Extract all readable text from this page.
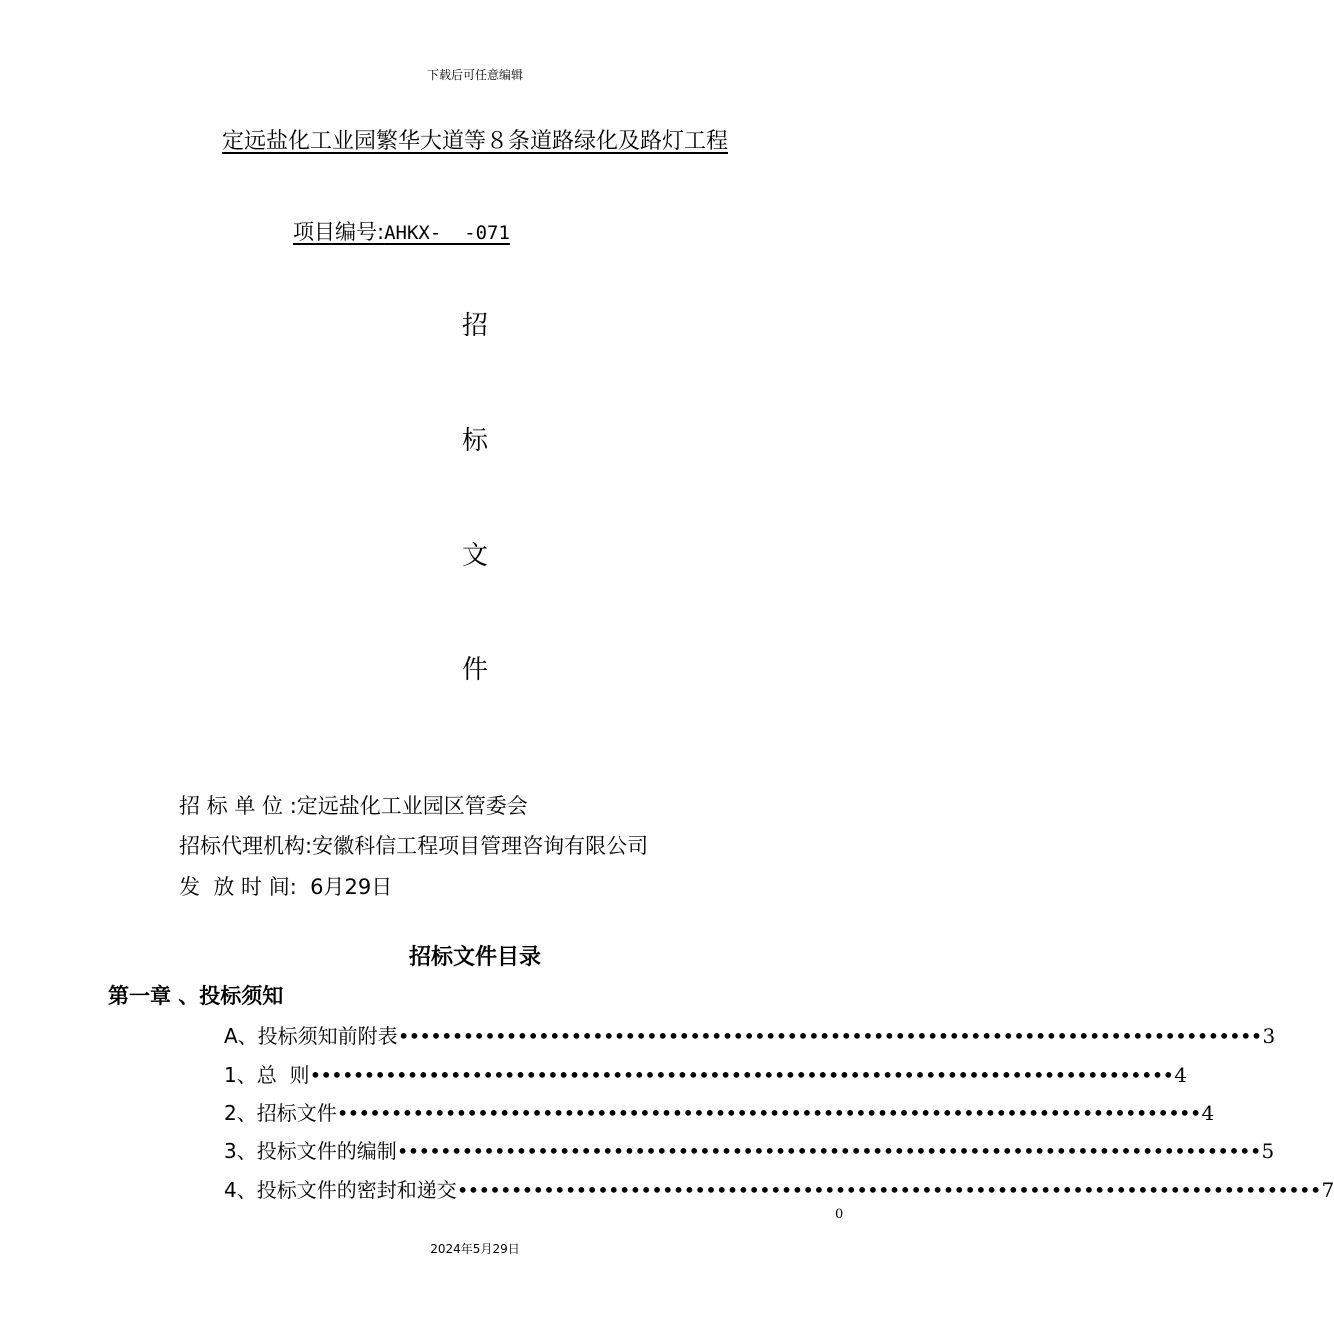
下载后可任意编辑
定远盐化工业园繁华大道等８条道路绿化及路灯工程
项目编号:AHKX-  -071
招
标
文
件
招 标 单 位 :定远盐化工业园区管委会
招标代理机构:安徽科信工程项目管理咨询有限公司
发  放 时 间:  6月29日
招标文件目录
第一章 、投标须知
A、投标须知前附表 •••••••••••••••••••••••••••••••••••••••••••••••••••••••••••••••••••••••••••••••• 3
1、总  则 •••••••••••••••••••••••••••••••••••••••••••••••••••••••••••••••••••••••••••••••• 4
2、招标文件 •••••••••••••••••••••••••••••••••••••••••••••••••••••••••••••••••••••••••••••••• 4
3、投标文件的编制 •••••••••••••••••••••••••••••••••••••••••••••••••••••••••••••••••••••••••••••••• 5
4、投标文件的密封和递交 •••••••••••••••••••••••••••••••••••••••••••••••••••••••••••••••••••••••••••••••• 7
0
2024年5月29日
